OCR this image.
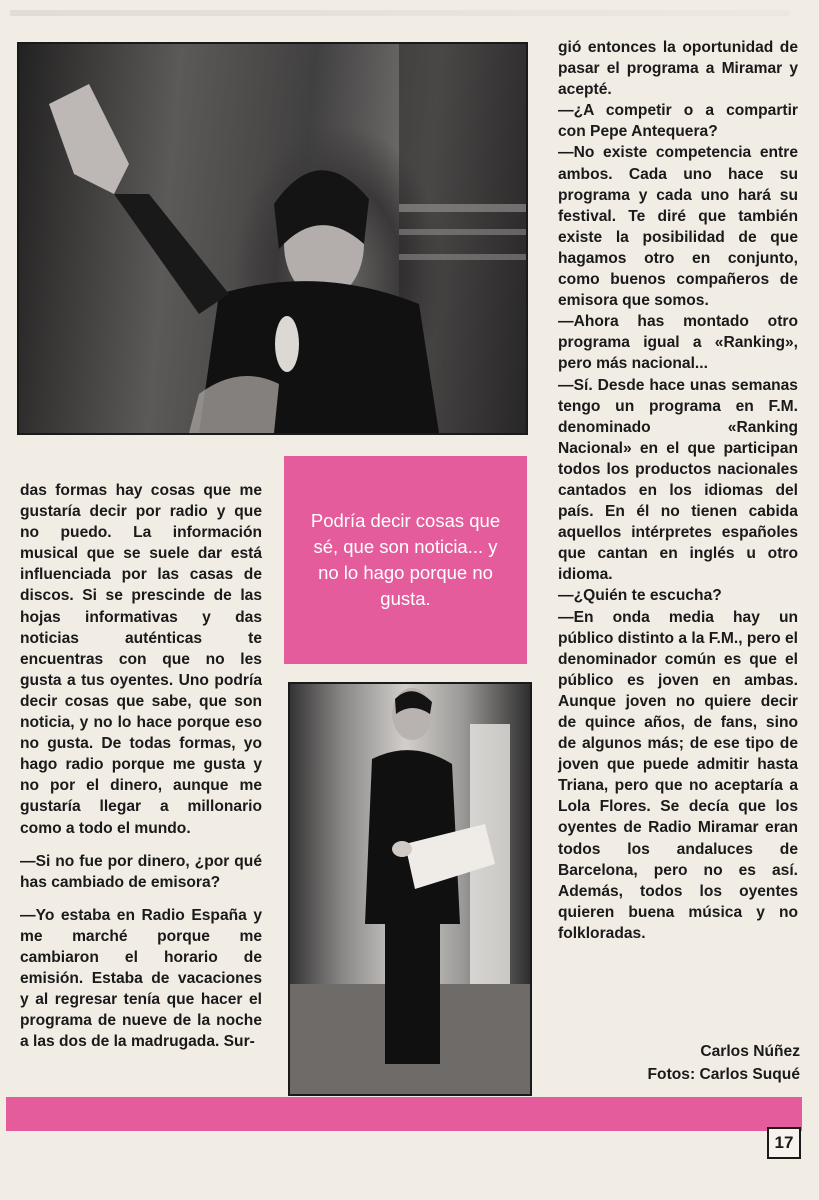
gió entonces la oportunidad de pasar el programa a Miramar y acepté.

—¿A competir o a compartir con Pepe Antequera?

—No existe competencia entre ambos. Cada uno hace su programa y cada uno hará su festival. Te diré que también existe la posibilidad de que hagamos otro en conjunto, como buenos compañeros de emisora que somos.

—Ahora has montado otro programa igual a «Ranking», pero más nacional...

—Sí. Desde hace unas semanas tengo un programa en F.M. denominado «Ranking Nacional» en el que participan todos los productos nacionales cantados en los idiomas del país. En él no tienen cabida aquellos intérpretes españoles que cantan en inglés u otro idioma.

—¿Quién te escucha?

—En onda media hay un público distinto a la F.M., pero el denominador común es que el público es joven en ambas. Aunque joven no quiere decir de quince años, de fans, sino de algunos más; de ese tipo de joven que puede admitir hasta Triana, pero que no aceptaría a Lola Flores. Se decía que los oyentes de Radio Miramar eran todos los andaluces de Barcelona, pero no es así. Además, todos los oyentes quieren buena música y no folkloradas.

das formas hay cosas que me gustaría decir por radio y que no puedo. La información musical que se suele dar está influenciada por las casas de discos. Si se prescinde de las hojas informativas y das noticias auténticas te encuentras con que no les gusta a tus oyentes. Uno podría decir cosas que sabe, que son noticia, y no lo hace porque eso no gusta. De todas formas, yo hago radio porque me gusta y no por el dinero, aunque me gustaría llegar a millonario como a todo el mundo.

—Si no fue por dinero, ¿por qué has cambiado de emisora?

—Yo estaba en Radio España y me marché porque me cambiaron el horario de emisión. Estaba de vacaciones y al regresar tenía que hacer el programa de nueve de la noche a las dos de la madrugada. Sur-

Podría decir cosas que sé, que son noticia... y no lo hago porque no gusta.
Carlos Núñez
Fotos: Carlos Suqué
17
